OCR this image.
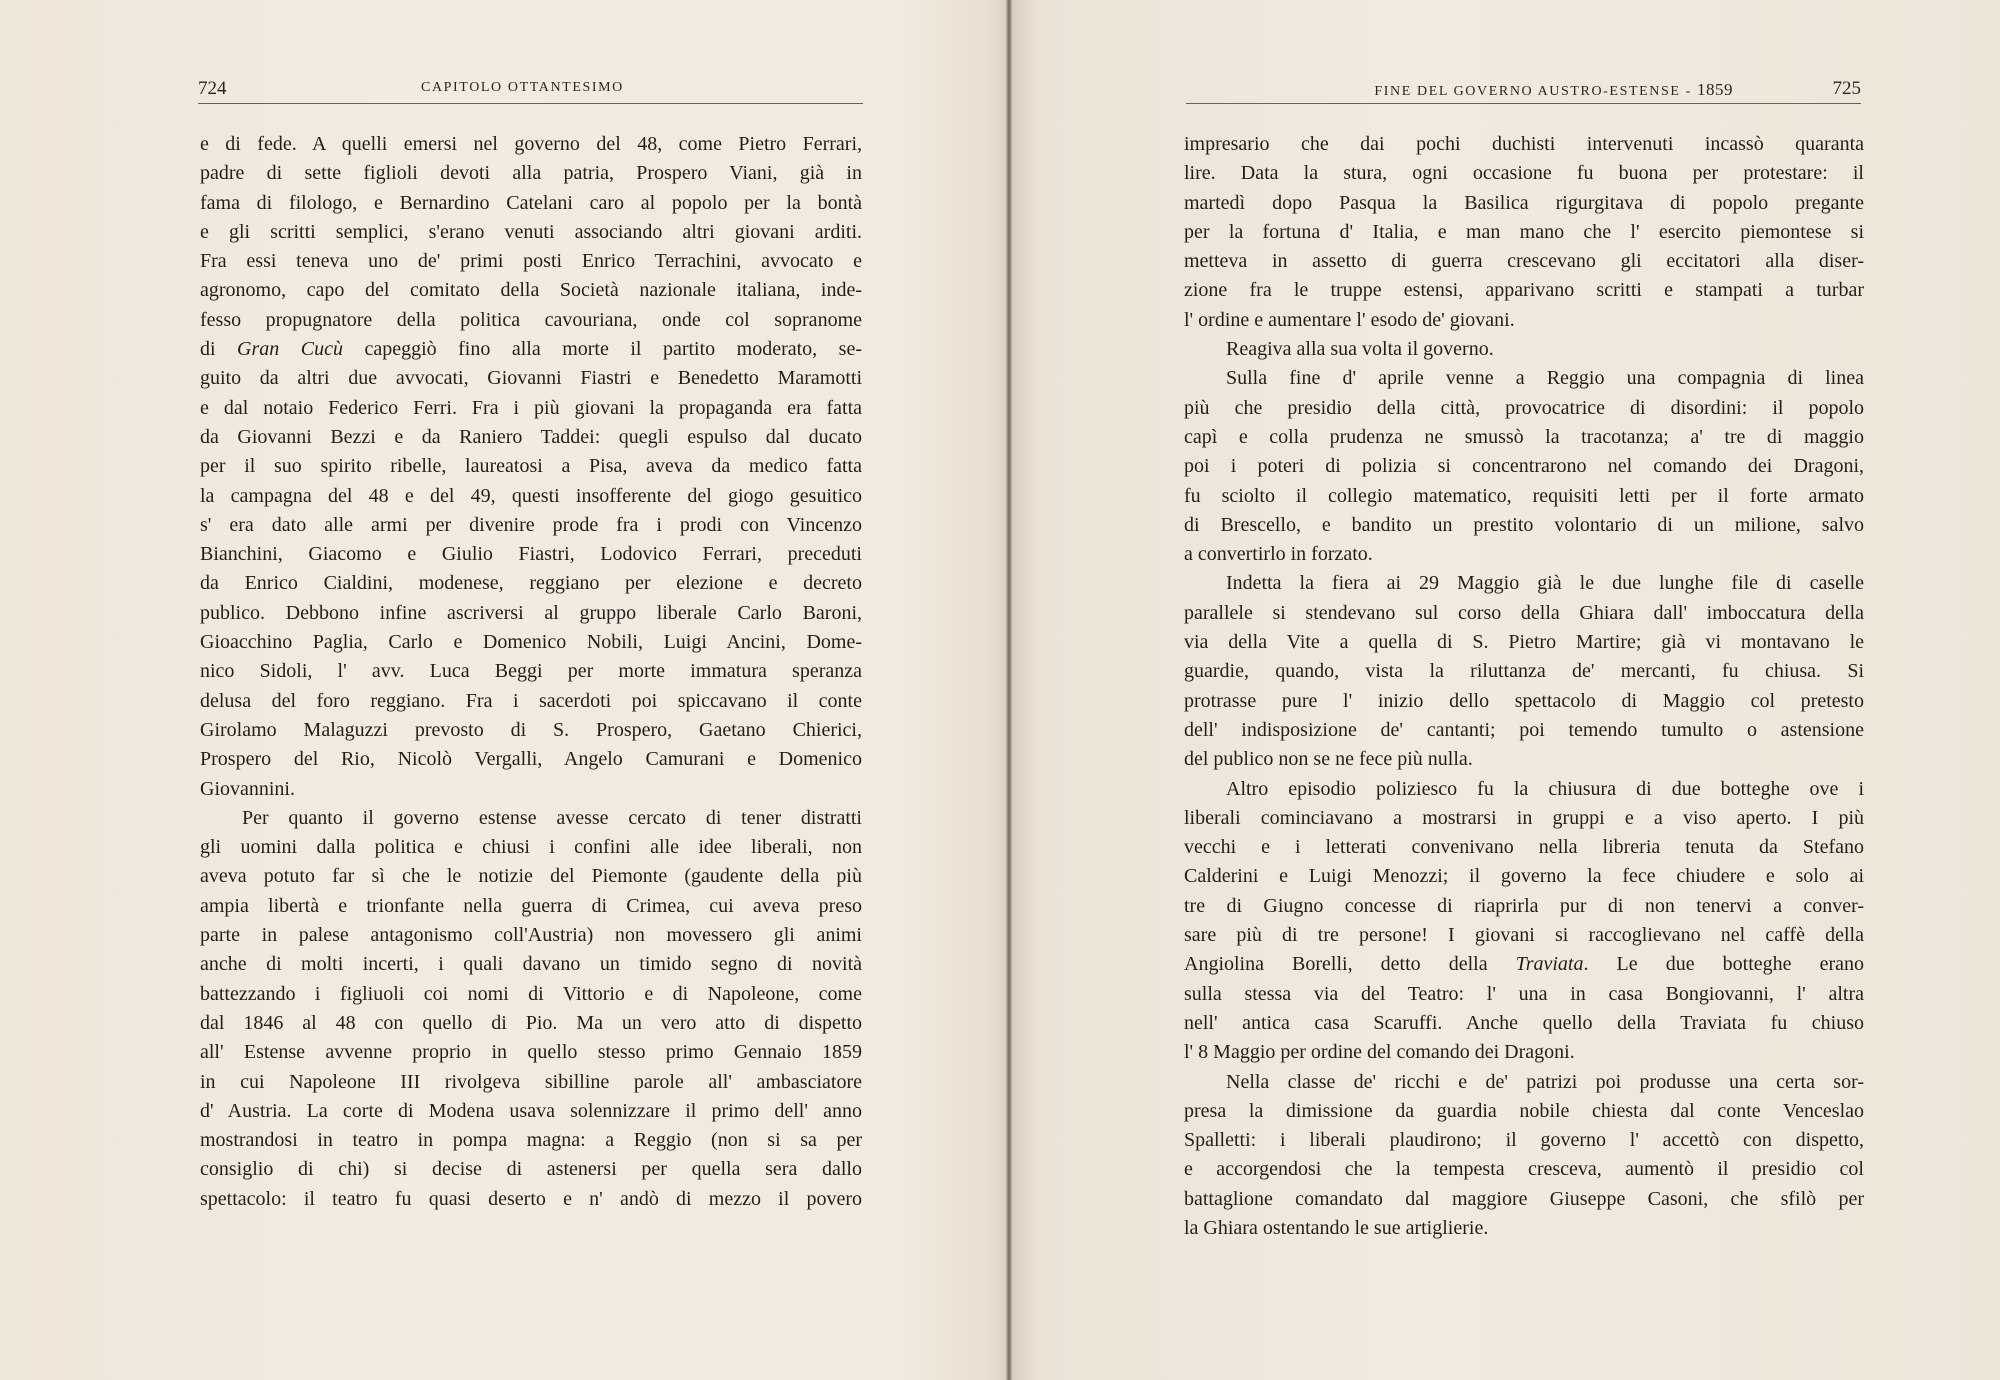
724	CAPITOLO OTTANTESIMO
e di fede. A quelli emersi nel governo del 48, come Pietro Ferrari,
padre di sette figlioli devoti alla patria, Prospero Viani, già in
fama di filologo, e Bernardino Catelani caro al popolo per la bontà
e gli scritti semplici, s'erano venuti associando altri giovani arditi.
Fra essi teneva uno de' primi posti Enrico Terrachini, avvocato e
agronomo, capo del comitato della Società nazionale italiana, inde-
fesso propugnatore della politica cavouriana, onde col sopranome
di Gran Cucù capeggiò fino alla morte il partito moderato, se-
guito da altri due avvocati, Giovanni Fiastri e Benedetto Maramotti
e dal notaio Federico Ferri. Fra i più giovani la propaganda era fatta
da Giovanni Bezzi e da Raniero Taddei: quegli espulso dal ducato
per il suo spirito ribelle, laureatosi a Pisa, aveva da medico fatta
la campagna del 48 e del 49, questi insofferente del giogo gesuitico
s' era dato alle armi per divenire prode fra i prodi con Vincenzo
Bianchini, Giacomo e Giulio Fiastri, Lodovico Ferrari, preceduti
da Enrico Cialdini, modenese, reggiano per elezione e decreto
publico. Debbono infine ascriversi al gruppo liberale Carlo Baroni,
Gioacchino Paglia, Carlo e Domenico Nobili, Luigi Ancini, Dome-
nico Sidoli, l' avv. Luca Beggi per morte immatura speranza
delusa del foro reggiano. Fra i sacerdoti poi spiccavano il conte
Girolamo Malaguzzi prevosto di S. Prospero, Gaetano Chierici,
Prospero del Rio, Nicolò Vergalli, Angelo Camurani e Domenico
Giovannini.
Per quanto il governo estense avesse cercato di tener distratti
gli uomini dalla politica e chiusi i confini alle idee liberali, non
aveva potuto far sì che le notizie del Piemonte (gaudente della più
ampia libertà e trionfante nella guerra di Crimea, cui aveva preso
parte in palese antagonismo coll'Austria) non movessero gli animi
anche di molti incerti, i quali davano un timido segno di novità
battezzando i figliuoli coi nomi di Vittorio e di Napoleone, come
dal 1846 al 48 con quello di Pio. Ma un vero atto di dispetto
all' Estense avvenne proprio in quello stesso primo Gennaio 1859
in cui Napoleone III rivolgeva sibilline parole all' ambasciatore
d' Austria. La corte di Modena usava solennizzare il primo dell' anno
mostrandosi in teatro in pompa magna: a Reggio (non si sa per
consiglio di chi) si decise di astenersi per quella sera dallo
spettacolo: il teatro fu quasi deserto e n' andò di mezzo il povero
FINE DEL GOVERNO AUSTRO-ESTENSE - 1859	725
impresario che dai pochi duchisti intervenuti incassò quaranta
lire. Data la stura, ogni occasione fu buona per protestare: il
martedì dopo Pasqua la Basilica rigurgitava di popolo pregante
per la fortuna d' Italia, e man mano che l' esercito piemontese si
metteva in assetto di guerra crescevano gli eccitatori alla diser-
zione fra le truppe estensi, apparivano scritti e stampati a turbar
l' ordine e aumentare l' esodo de' giovani.
Reagiva alla sua volta il governo.
Sulla fine d' aprile venne a Reggio una compagnia di linea
più che presidio della città, provocatrice di disordini: il popolo
capì e colla prudenza ne smussò la tracotanza; a' tre di maggio
poi i poteri di polizia si concentrarono nel comando dei Dragoni,
fu sciolto il collegio matematico, requisiti letti per il forte armato
di Brescello, e bandito un prestito volontario di un milione, salvo
a convertirlo in forzato.
Indetta la fiera ai 29 Maggio già le due lunghe file di caselle
parallele si stendevano sul corso della Ghiara dall' imboccatura della
via della Vite a quella di S. Pietro Martire; già vi montavano le
guardie, quando, vista la riluttanza de' mercanti, fu chiusa. Si
protrasse pure l' inizio dello spettacolo di Maggio col pretesto
dell' indisposizione de' cantanti; poi temendo tumulto o astensione
del publico non se ne fece più nulla.
Altro episodio poliziesco fu la chiusura di due botteghe ove i
liberali cominciavano a mostrarsi in gruppi e a viso aperto. I più
vecchi e i letterati convenivano nella libreria tenuta da Stefano
Calderini e Luigi Menozzi; il governo la fece chiudere e solo ai
tre di Giugno concesse di riaprirla pur di non tenervi a conver-
sare più di tre persone! I giovani si raccoglievano nel caffè della
Angiolina Borelli, detto della Traviata. Le due botteghe erano
sulla stessa via del Teatro: l' una in casa Bongiovanni, l' altra
nell' antica casa Scaruffi. Anche quello della Traviata fu chiuso
l' 8 Maggio per ordine del comando dei Dragoni.
Nella classe de' ricchi e de' patrizi poi produsse una certa sor-
presa la dimissione da guardia nobile chiesta dal conte Venceslao
Spalletti: i liberali plaudirono; il governo l' accettò con dispetto,
e accorgendosi che la tempesta cresceva, aumentò il presidio col
battaglione comandato dal maggiore Giuseppe Casoni, che sfilò per
la Ghiara ostentando le sue artiglierie.
